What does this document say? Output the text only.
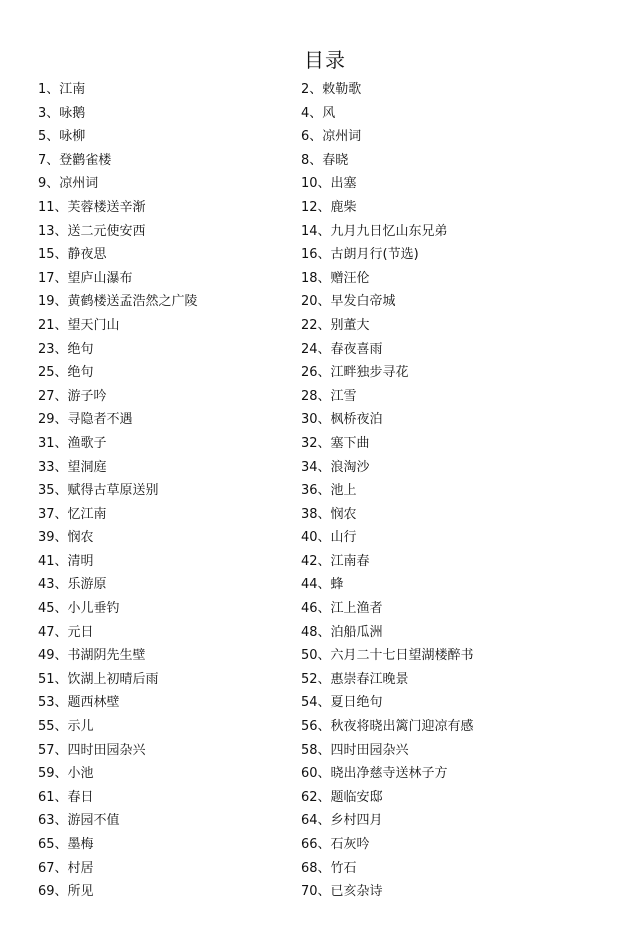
目录
1、江南	2、敕勒歌
3、咏鹅	4、风
5、咏柳	6、凉州词
7、登鹳雀楼	8、春晓
9、凉州词	10、出塞
11、芙蓉楼送辛渐	12、鹿柴
13、送二元使安西	14、九月九日忆山东兄弟
15、静夜思	16、古朗月行(节选)
17、望庐山瀑布	18、赠汪伦
19、黄鹤楼送孟浩然之广陵	20、早发白帝城
21、望天门山	22、别董大
23、绝句	24、春夜喜雨
25、绝句	26、江畔独步寻花
27、游子吟	28、江雪
29、寻隐者不遇	30、枫桥夜泊
31、渔歌子	32、塞下曲
33、望洞庭	34、浪淘沙
35、赋得古草原送别	36、池上
37、忆江南	38、悯农
39、悯农	40、山行
41、清明	42、江南春
43、乐游原	44、蜂
45、小儿垂钓	46、江上渔者
47、元日	48、泊船瓜洲
49、书湖阴先生壁	50、六月二十七日望湖楼醉书
51、饮湖上初晴后雨	52、惠崇春江晚景
53、题西林壁	54、夏日绝句
55、示儿	56、秋夜将晓出篱门迎凉有感
57、四时田园杂兴	58、四时田园杂兴
59、小池	60、晓出净慈寺送林子方
61、春日	62、题临安邸
63、游园不值	64、乡村四月
65、墨梅	66、石灰吟
67、村居	68、竹石
69、所见	70、已亥杂诗
